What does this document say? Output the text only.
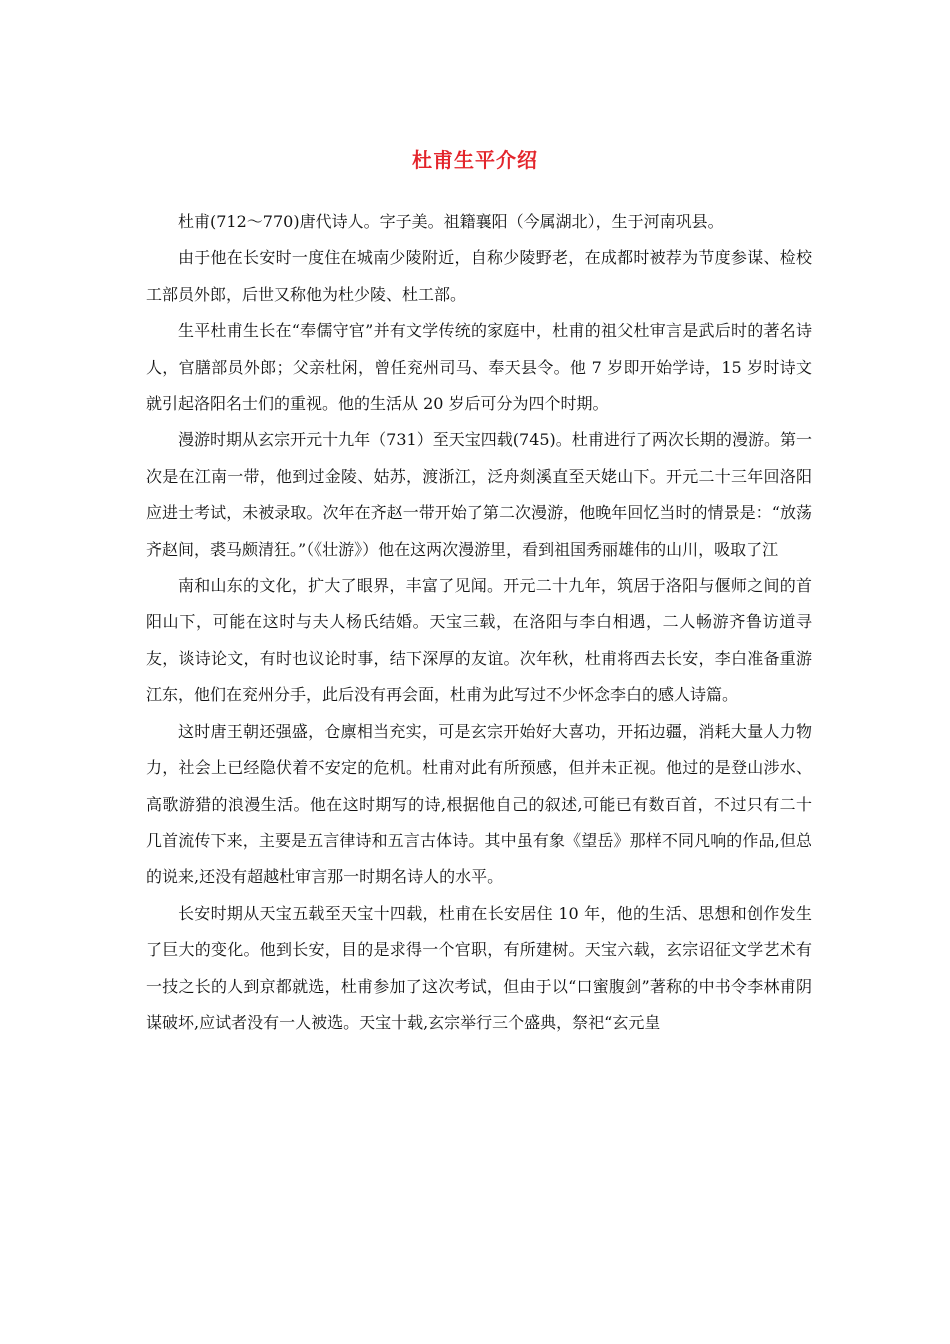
杜甫生平介绍

杜甫(712～770)唐代诗人。字子美。祖籍襄阳（今属湖北），生于河南巩县。

由于他在长安时一度住在城南少陵附近，自称少陵野老，在成都时被荐为节度参谋、检校工部员外郎，后世又称他为杜少陵、杜工部。

生平杜甫生长在“奉儒守官”并有文学传统的家庭中，杜甫的祖父杜审言是武后时的著名诗人，官膳部员外郎；父亲杜闲，曾任兖州司马、奉天县令。他 7 岁即开始学诗，15 岁时诗文就引起洛阳名士们的重视。他的生活从 20 岁后可分为四个时期。

漫游时期从玄宗开元十九年（731）至天宝四载(745)。杜甫进行了两次长期的漫游。第一次是在江南一带，他到过金陵、姑苏，渡浙江，泛舟剡溪直至天姥山下。开元二十三年回洛阳应进士考试，未被录取。次年在齐赵一带开始了第二次漫游，他晚年回忆当时的情景是：“放荡齐赵间，裘马颇清狂。”（《壮游》）他在这两次漫游里，看到祖国秀丽雄伟的山川，吸取了江

南和山东的文化，扩大了眼界，丰富了见闻。开元二十九年，筑居于洛阳与偃师之间的首阳山下，可能在这时与夫人杨氏结婚。天宝三载，在洛阳与李白相遇，二人畅游齐鲁访道寻友，谈诗论文，有时也议论时事，结下深厚的友谊。次年秋，杜甫将西去长安，李白准备重游江东，他们在兖州分手，此后没有再会面，杜甫为此写过不少怀念李白的感人诗篇。

这时唐王朝还强盛，仓廪相当充实，可是玄宗开始好大喜功，开拓边疆，消耗大量人力物力，社会上已经隐伏着不安定的危机。杜甫对此有所预感，但并未正视。他过的是登山涉水、高歌游猎的浪漫生活。他在这时期写的诗,根据他自己的叙述,可能已有数百首，不过只有二十几首流传下来，主要是五言律诗和五言古体诗。其中虽有象《望岳》那样不同凡响的作品,但总的说来,还没有超越杜审言那一时期名诗人的水平。

长安时期从天宝五载至天宝十四载，杜甫在长安居住 10 年，他的生活、思想和创作发生了巨大的变化。他到长安，目的是求得一个官职，有所建树。天宝六载，玄宗诏征文学艺术有一技之长的人到京都就选，杜甫参加了这次考试，但由于以“口蜜腹剑”著称的中书令李林甫阴谋破坏,应试者没有一人被选。天宝十载,玄宗举行三个盛典，祭祀“玄元皇
